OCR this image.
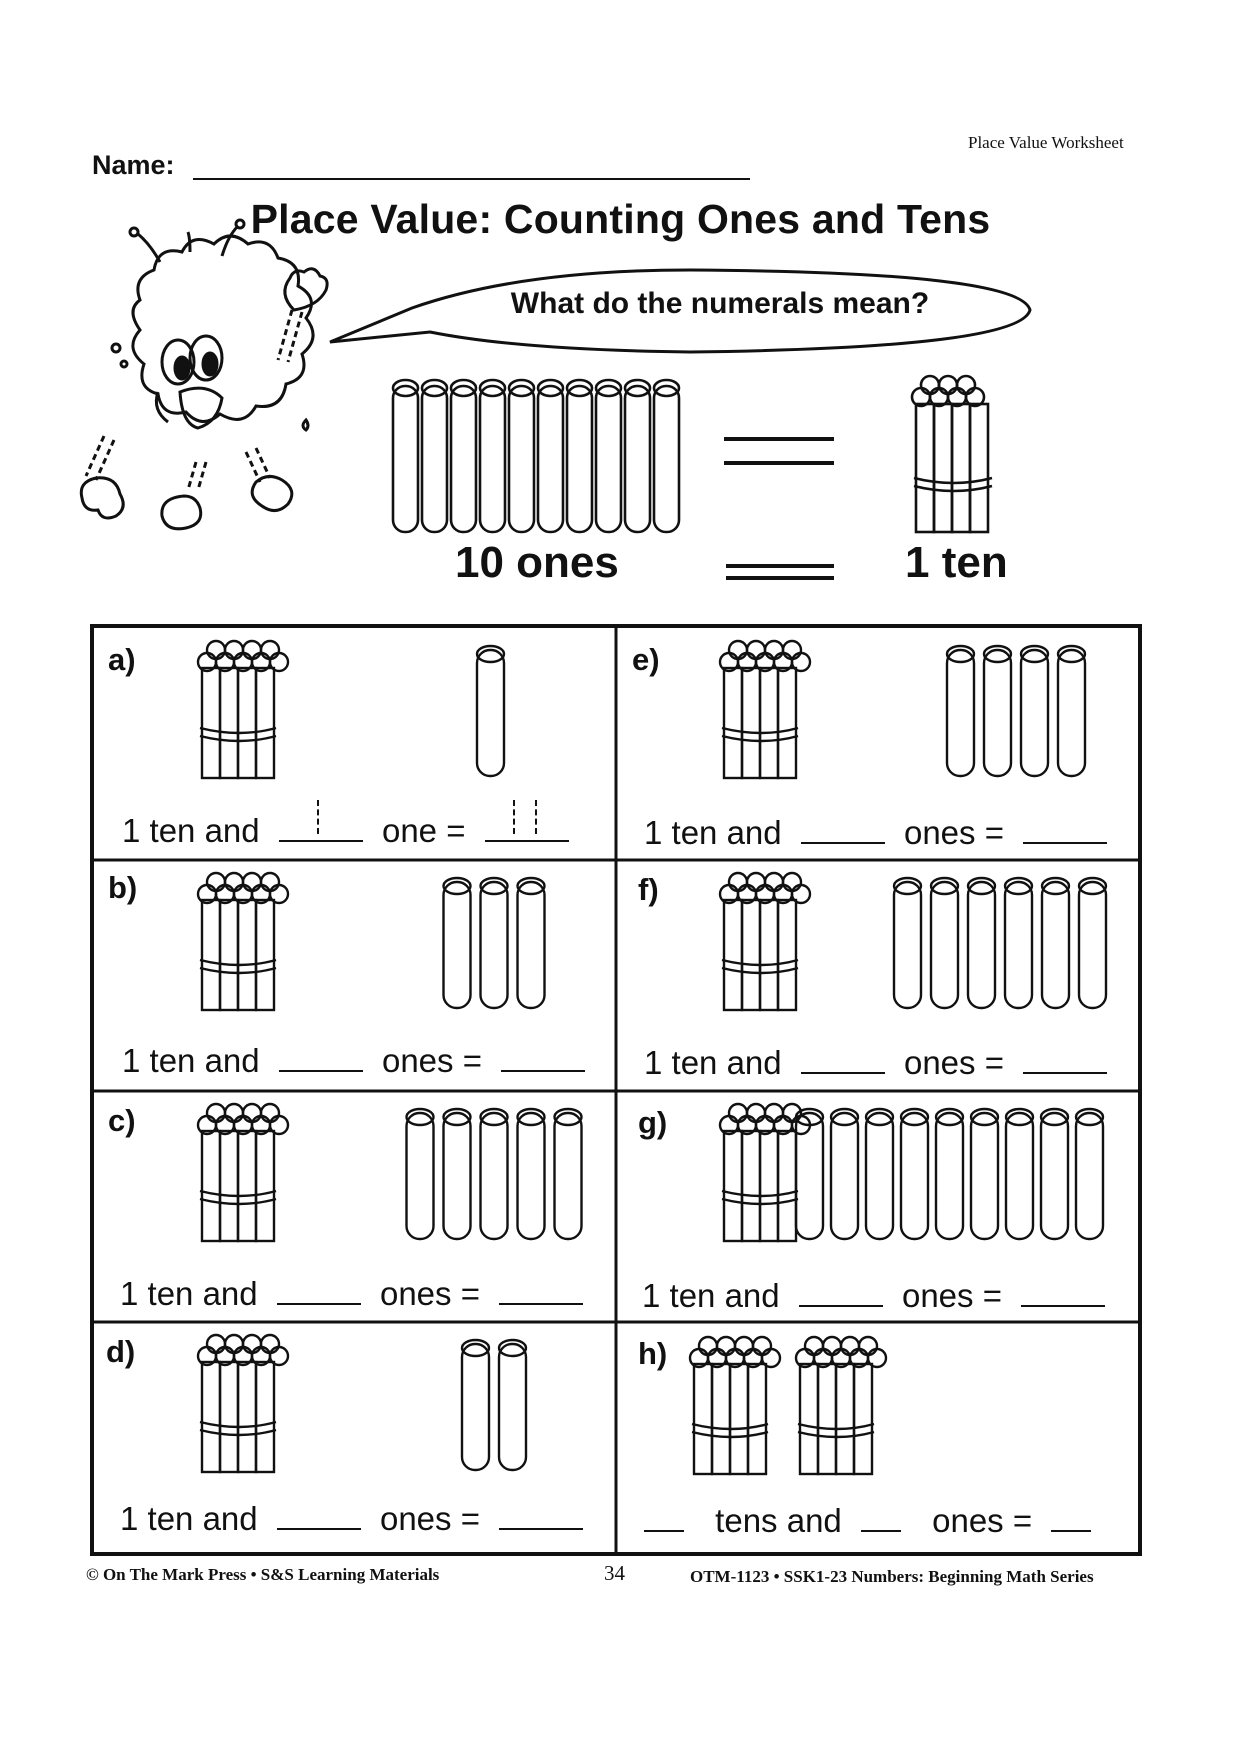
Place Value Worksheet
Name:
Place Value: Counting Ones and Tens
What do the numerals mean?
10 ones	1 ten
a)
1 ten and	one =
b)
1 ten and	ones =
c)
1 ten and	ones =
d)
1 ten and	ones =
e)
1 ten and	ones =
f)
1 ten and	ones =
g)
1 ten and	ones =
h)
tens and	ones =
© On The Mark Press • S&S Learning Materials	34	OTM-1123 • SSK1-23 Numbers: Beginning Math Series
